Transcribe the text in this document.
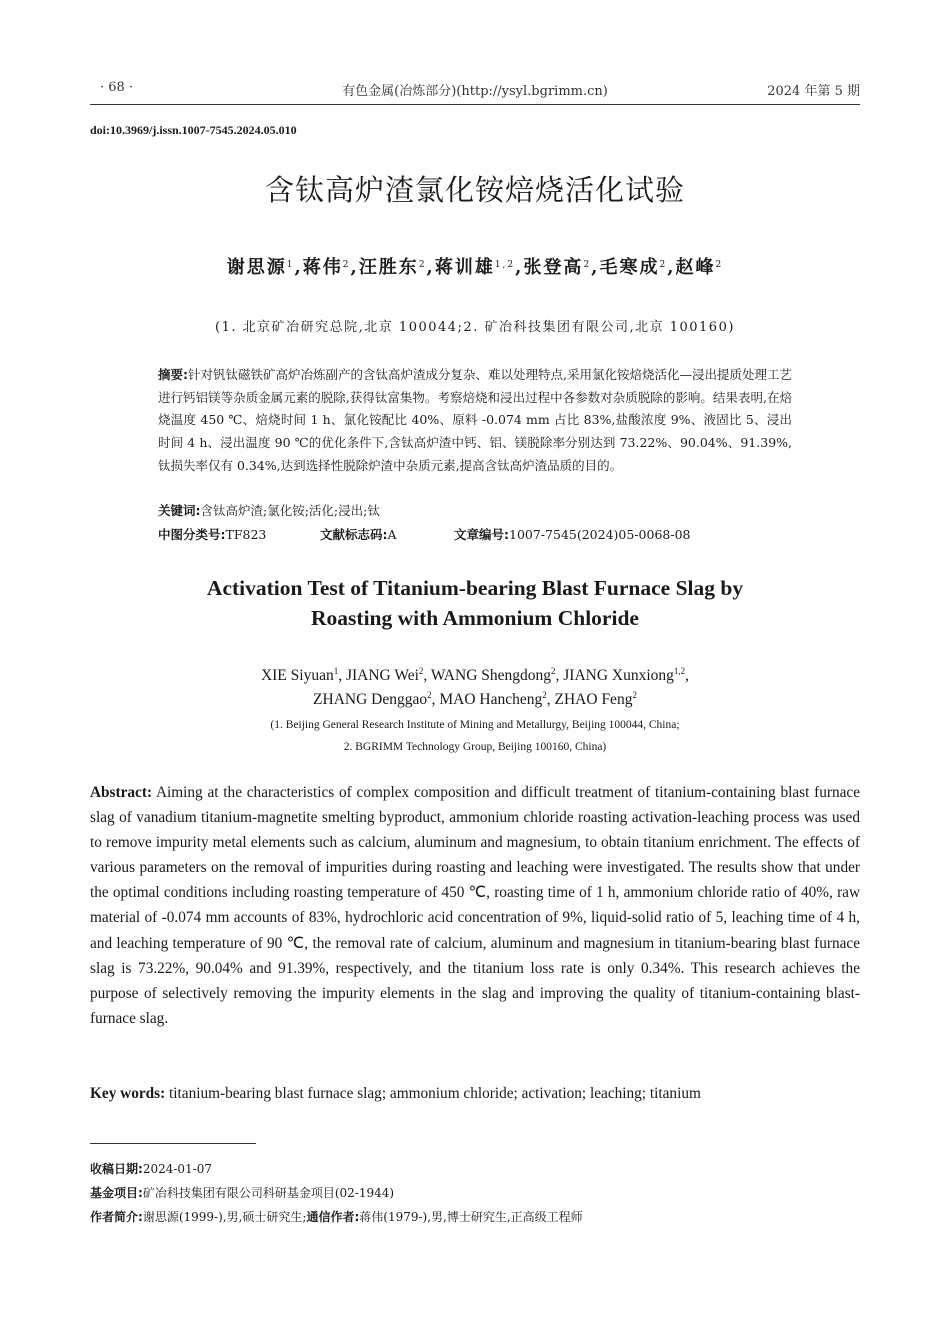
· 68 ·	有色金属(冶炼部分)(http://ysyl.bgrimm.cn)	2024 年第 5 期
doi:10.3969/j.issn.1007-7545.2024.05.010
含钛高炉渣氯化铵焙烧活化试验
谢思源$^1$,蒋伟$^2$,汪胜东$^2$,蒋训雄$^{1,2}$,张登高$^2$,毛寒成$^2$,赵峰$^2$
(1. 北京矿冶研究总院,北京 100044;2. 矿冶科技集团有限公司,北京 100160)
摘要:针对钒钛磁铁矿高炉冶炼副产的含钛高炉渣成分复杂、难以处理特点,采用氯化铵焙烧活化—浸出提质处理工艺进行钙铝镁等杂质金属元素的脱除,获得钛富集物。考察焙烧和浸出过程中各参数对杂质脱除的影响。结果表明,在焙烧温度 450 ℃、焙烧时间 1 h、氯化铵配比 40%、原料 -0.074 mm 占比 83%,盐酸浓度 9%、液固比 5、浸出时间 4 h、浸出温度 90 ℃的优化条件下,含钛高炉渣中钙、铝、镁脱除率分别达到 73.22%、90.04%、91.39%,钛损失率仅有 0.34%,达到选择性脱除炉渣中杂质元素,提高含钛高炉渣品质的目的。
关键词:含钛高炉渣;氯化铵;活化;浸出;钛
中图分类号:TF823	文献标志码:A	文章编号:1007-7545(2024)05-0068-08
Activation Test of Titanium-bearing Blast Furnace Slag by
Roasting with Ammonium Chloride
XIE Siyuan$^1$, JIANG Wei$^2$, WANG Shengdong$^2$, JIANG Xunxiong$^{1,2}$,
ZHANG Denggao$^2$, MAO Hancheng$^2$, ZHAO Feng$^2$
(1. Beijing General Research Institute of Mining and Metallurgy, Beijing 100044, China;
2. BGRIMM Technology Group, Beijing 100160, China)
Abstract: Aiming at the characteristics of complex composition and difficult treatment of titanium-containing blast furnace slag of vanadium titanium-magnetite smelting byproduct, ammonium chloride roasting activation-leaching process was used to remove impurity metal elements such as calcium, aluminum and magnesium, to obtain titanium enrichment. The effects of various parameters on the removal of impurities during roasting and leaching were investigated. The results show that under the optimal conditions including roasting temperature of 450 ℃, roasting time of 1 h, ammonium chloride ratio of 40%, raw material of -0.074 mm accounts of 83%, hydrochloric acid concentration of 9%, liquid-solid ratio of 5, leaching time of 4 h, and leaching temperature of 90 ℃, the removal rate of calcium, aluminum and magnesium in titanium-bearing blast furnace slag is 73.22%, 90.04% and 91.39%, respectively, and the titanium loss rate is only 0.34%. This research achieves the purpose of selectively removing the impurity elements in the slag and improving the quality of titanium-containing blast-furnace slag.
Key words: titanium-bearing blast furnace slag; ammonium chloride; activation; leaching; titanium
收稿日期:2024-01-07
基金项目:矿冶科技集团有限公司科研基金项目(02-1944)
作者简介:谢思源(1999-),男,硕士研究生;通信作者:蒋伟(1979-),男,博士研究生,正高级工程师
